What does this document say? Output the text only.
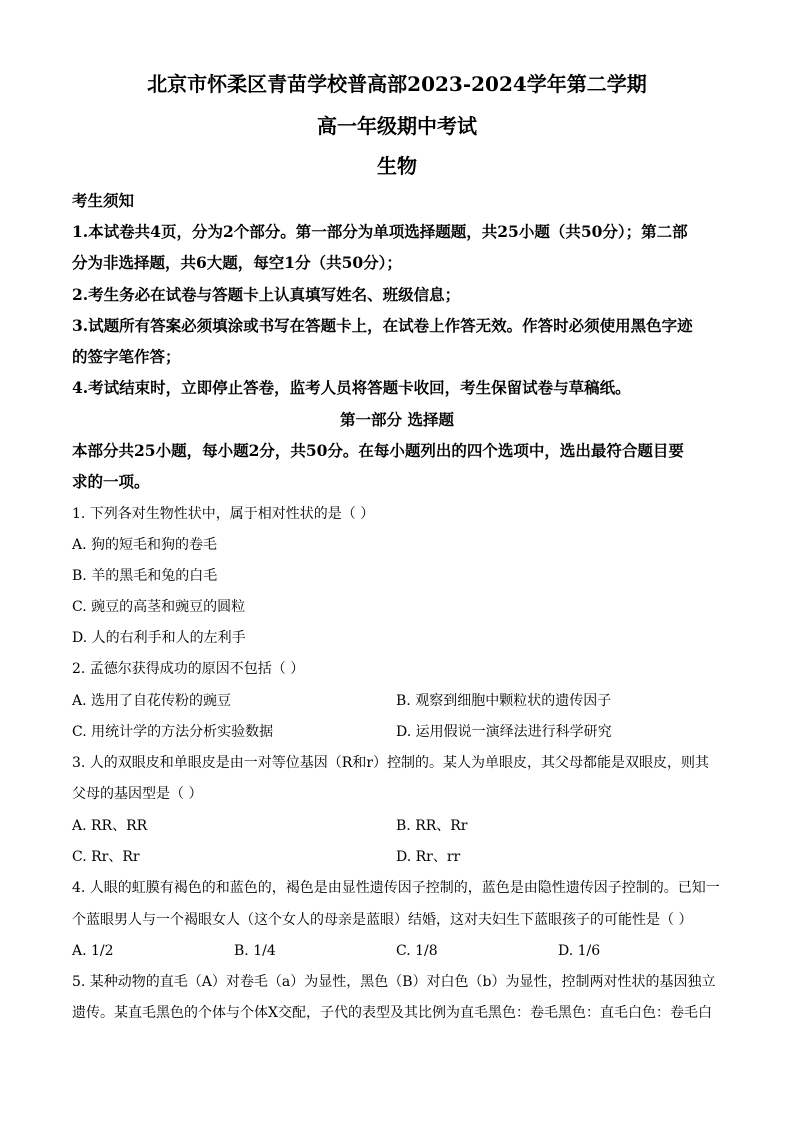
北京市怀柔区青苗学校普高部2023-2024学年第二学期
高一年级期中考试
生物
考生须知
1.本试卷共4页，分为2个部分。第一部分为单项选择题题，共25小题（共50分）；第二部
分为非选择题，共6大题，每空1分（共50分）；
2.考生务必在试卷与答题卡上认真填写姓名、班级信息；
3.试题所有答案必须填涂或书写在答题卡上，在试卷上作答无效。作答时必须使用黑色字迹
的签字笔作答；
4.考试结束时，立即停止答卷，监考人员将答题卡收回，考生保留试卷与草稿纸。
第一部分 选择题
本部分共25小题，每小题2分，共50分。在每小题列出的四个选项中，选出最符合题目要
求的一项。
1. 下列各对生物性状中，属于相对性状的是（ ）
A. 狗的短毛和狗的卷毛
B. 羊的黑毛和兔的白毛
C. 豌豆的高茎和豌豆的圆粒
D. 人的右利手和人的左利手
2. 孟德尔获得成功的原因不包括（ ）
A. 选用了自花传粉的豌豆	B. 观察到细胞中颗粒状的遗传因子
C. 用统计学的方法分析实验数据	D. 运用假说一演绎法进行科学研究
3. 人的双眼皮和单眼皮是由一对等位基因（R和r）控制的。某人为单眼皮，其父母都能是双眼皮，则其
父母的基因型是（ ）
A. RR、RR	B. RR、Rr
C. Rr、Rr	D. Rr、rr
4. 人眼的虹膜有褐色的和蓝色的，褐色是由显性遗传因子控制的，蓝色是由隐性遗传因子控制的。已知一
个蓝眼男人与一个褐眼女人（这个女人的母亲是蓝眼）结婚，这对夫妇生下蓝眼孩子的可能性是（ ）
A. 1/2	B. 1/4	C. 1/8	D. 1/6
5. 某种动物的直毛（A）对卷毛（a）为显性，黑色（B）对白色（b）为显性，控制两对性状的基因独立
遗传。某直毛黑色的个体与个体X交配，子代的表型及其比例为直毛黑色：卷毛黑色：直毛白色：卷毛白
